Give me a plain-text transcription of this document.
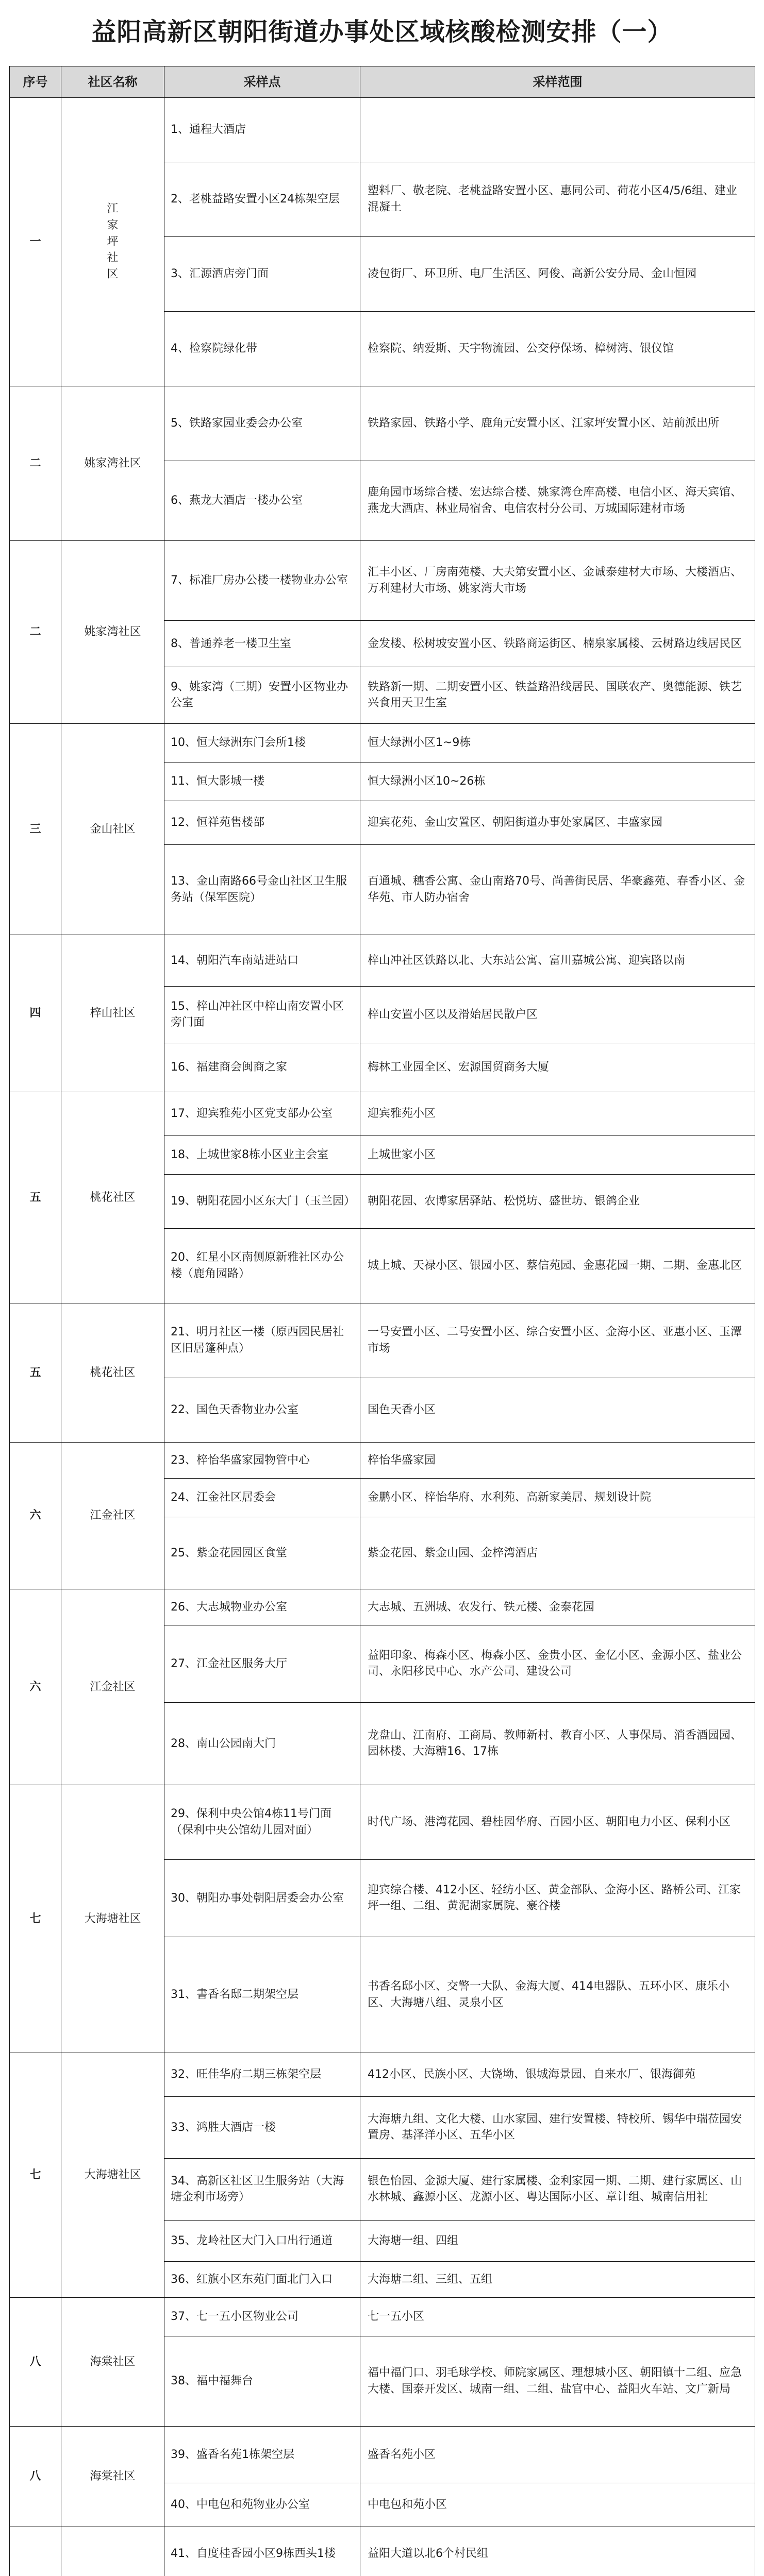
益阳高新区朝阳街道办事处区域核酸检测安排（一）
序号	社区名称	采样点	采样范围
一	江家坪社区	1、通程大酒店	
		2、老桃益路安置小区24栋架空层	塑料厂、敬老院、老桃益路安置小区、惠同公司、荷花小区4/5/6组、建业混凝土
		3、汇源酒店旁门面	凌包街厂、环卫所、电厂生活区、阿俊、高新公安分局、金山恒园
		4、检察院绿化带	检察院、纳爱斯、天宇物流园、公交停保场、樟树湾、银仪馆
二	姚家湾社区	5、铁路家园业委会办公室	铁路家园、铁路小学、鹿角元安置小区、江家坪安置小区、站前派出所
		6、燕龙大酒店一楼办公室	鹿角园市场综合楼、宏达综合楼、姚家湾仓库高楼、电信小区、海天宾馆、燕龙大酒店、林业局宿舍、电信农村分公司、万城国际建材市场
二	姚家湾社区	7、标准厂房办公楼一楼物业办公室	汇丰小区、厂房南苑楼、大夫第安置小区、金诚泰建材大市场、大楼酒店、万利建材大市场、姚家湾大市场
		8、普通养老一楼卫生室	金发楼、松树坡安置小区、铁路商运街区、楠泉家属楼、云树路边线居民区
		9、姚家湾（三期）安置小区物业办公室	铁路新一期、二期安置小区、铁益路沿线居民、国联农产、奥德能源、铁艺兴食用天卫生室
三	金山社区	10、恒大绿洲东门会所1楼	恒大绿洲小区1~9栋
		11、恒大影城一楼	恒大绿洲小区10~26栋
		12、恒祥苑售楼部	迎宾花苑、金山安置区、朝阳街道办事处家属区、丰盛家园
		13、金山南路66号金山社区卫生服务站（保军医院）	百通城、穗香公寓、金山南路70号、尚善街民居、华豪鑫苑、春香小区、金华苑、市人防办宿舍
四	梓山社区	14、朝阳汽车南站进站口	梓山冲社区铁路以北、大东站公寓、富川嘉城公寓、迎宾路以南
		15、梓山冲社区中梓山南安置小区旁门面	梓山安置小区以及滑始居民散户区
		16、福建商会闽商之家	梅林工业园全区、宏源国贸商务大厦
五	桃花社区	17、迎宾雅苑小区党支部办公室	迎宾雅苑小区
		18、上城世家8栋小区业主会室	上城世家小区
		19、朝阳花园小区东大门（玉兰园）	朝阳花园、农博家居驿站、松悦坊、盛世坊、银鸽企业
		20、红星小区南侧原新雅社区办公楼（鹿角园路）	城上城、天禄小区、银园小区、蔡信苑园、金惠花园一期、二期、金惠北区
五	桃花社区	21、明月社区一楼（原西园民居社区旧居篷种点）	一号安置小区、二号安置小区、综合安置小区、金海小区、亚惠小区、玉潭市场
		22、国色天香物业办公室	国色天香小区
六	江金社区	23、梓怡华盛家园物管中心	梓怡华盛家园
		24、江金社区居委会	金鹏小区、梓怡华府、水利苑、高新家美居、规划设计院
		25、紫金花园园区食堂	紫金花园、紫金山园、金梓湾酒店
六	江金社区	26、大志城物业办公室	大志城、五洲城、农发行、铁元楼、金泰花园
		27、江金社区服务大厅	益阳印象、梅森小区、梅森小区、金贵小区、金亿小区、金源小区、盐业公司、永阳移民中心、水产公司、建设公司
		28、南山公园南大门	龙盘山、江南府、工商局、教师新村、教育小区、人事保局、消香酒园园、园林楼、大海糖16、17栋
七	大海塘社区	29、保利中央公馆4栋11号门面（保利中央公馆幼儿园对面）	时代广场、港湾花园、碧桂园华府、百园小区、朝阳电力小区、保利小区
		30、朝阳办事处朝阳居委会办公室	迎宾综合楼、412小区、轻纺小区、黄金部队、金海小区、路桥公司、江家坪一组、二组、黄泥湖家属院、豪谷楼
		31、書香名邸二期架空层	书香名邸小区、交警一大队、金海大厦、414电器队、五环小区、康乐小区、大海塘八组、灵泉小区
七	大海塘社区	32、旺佳华府二期三栋架空层	412小区、民族小区、大饶坳、银城海景园、自来水厂、银海御苑
		33、鸿胜大酒店一楼	大海塘九组、文化大楼、山水家园、建行安置楼、特校所、锡华中瑞莅园安置房、基泽洋小区、五华小区
		34、高新区社区卫生服务站（大海塘金利市场旁）	银色怡园、金源大厦、建行家属楼、金利家园一期、二期、建行家属区、山水林城、鑫源小区、龙源小区、粤达国际小区、章计组、城南信用社
		35、龙岭社区大门入口出行通道	大海塘一组、四组
		36、红旗小区东苑门面北门入口	大海塘二组、三组、五组
八	海棠社区	37、七一五小区物业公司	七一五小区
		38、福中福舞台	福中福门口、羽毛球学校、师院家属区、理想城小区、朝阳镇十二组、应急大楼、国泰开发区、城南一组、二组、盐官中心、益阳火车站、文广新局
八	海棠社区	39、盛香名苑1栋架空层	盛香名苑小区
		40、中电包和苑物业办公室	中电包和苑小区
		41、自度桂香园小区9栋西头1楼	益阳大道以北6个村民组
